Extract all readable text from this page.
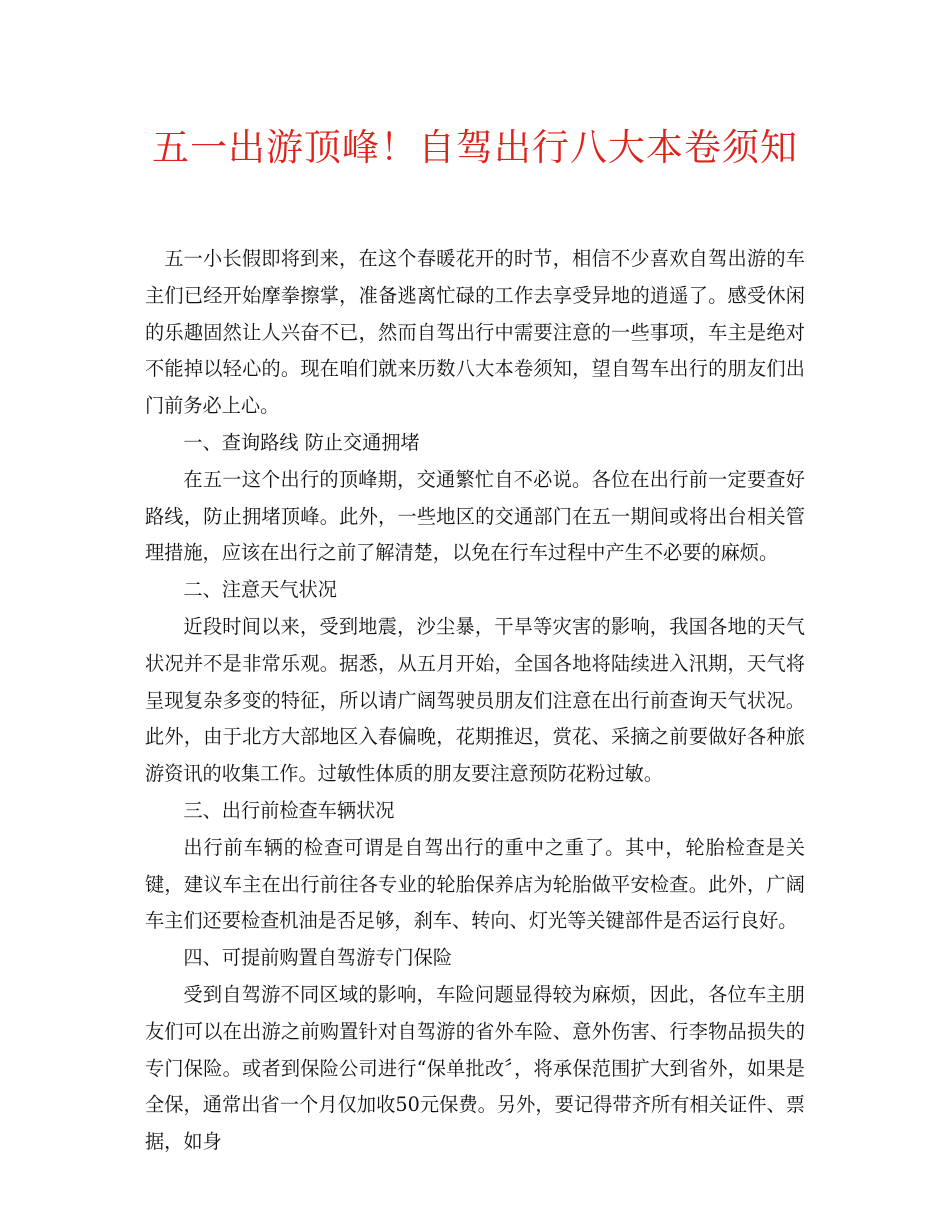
五一出游顶峰！自驾出行八大本卷须知

五一小长假即将到来，在这个春暖花开的时节，相信不少喜欢自驾出游的车主们已经开始摩拳擦掌，准备逃离忙碌的工作去享受异地的逍遥了。感受休闲的乐趣固然让人兴奋不已，然而自驾出行中需要注意的一些事项，车主是绝对不能掉以轻心的。现在咱们就来历数八大本卷须知，望自驾车出行的朋友们出门前务必上心。

一、查询路线 防止交通拥堵

在五一这个出行的顶峰期，交通繁忙自不必说。各位在出行前一定要查好路线，防止拥堵顶峰。此外，一些地区的交通部门在五一期间或将出台相关管理措施，应该在出行之前了解清楚，以免在行车过程中产生不必要的麻烦。

二、注意天气状况

近段时间以来，受到地震，沙尘暴，干旱等灾害的影响，我国各地的天气状况并不是非常乐观。据悉，从五月开始，全国各地将陆续进入汛期，天气将呈现复杂多变的特征，所以请广阔驾驶员朋友们注意在出行前查询天气状况。此外，由于北方大部地区入春偏晚，花期推迟，赏花、采摘之前要做好各种旅游资讯的收集工作。过敏性体质的朋友要注意预防花粉过敏。

三、出行前检查车辆状况

出行前车辆的检查可谓是自驾出行的重中之重了。其中，轮胎检查是关键，建议车主在出行前往各专业的轮胎保养店为轮胎做平安检查。此外，广阔车主们还要检查机油是否足够，刹车、转向、灯光等关键部件是否运行良好。

四、可提前购置自驾游专门保险

受到自驾游不同区域的影响，车险问题显得较为麻烦，因此，各位车主朋友们可以在出游之前购置针对自驾游的省外车险、意外伤害、行李物品损失的专门保险。或者到保险公司进行“保单批改〞，将承保范围扩大到省外，如果是全保，通常出省一个月仅加收50元保费。另外，要记得带齐所有相关证件、票据，如身
